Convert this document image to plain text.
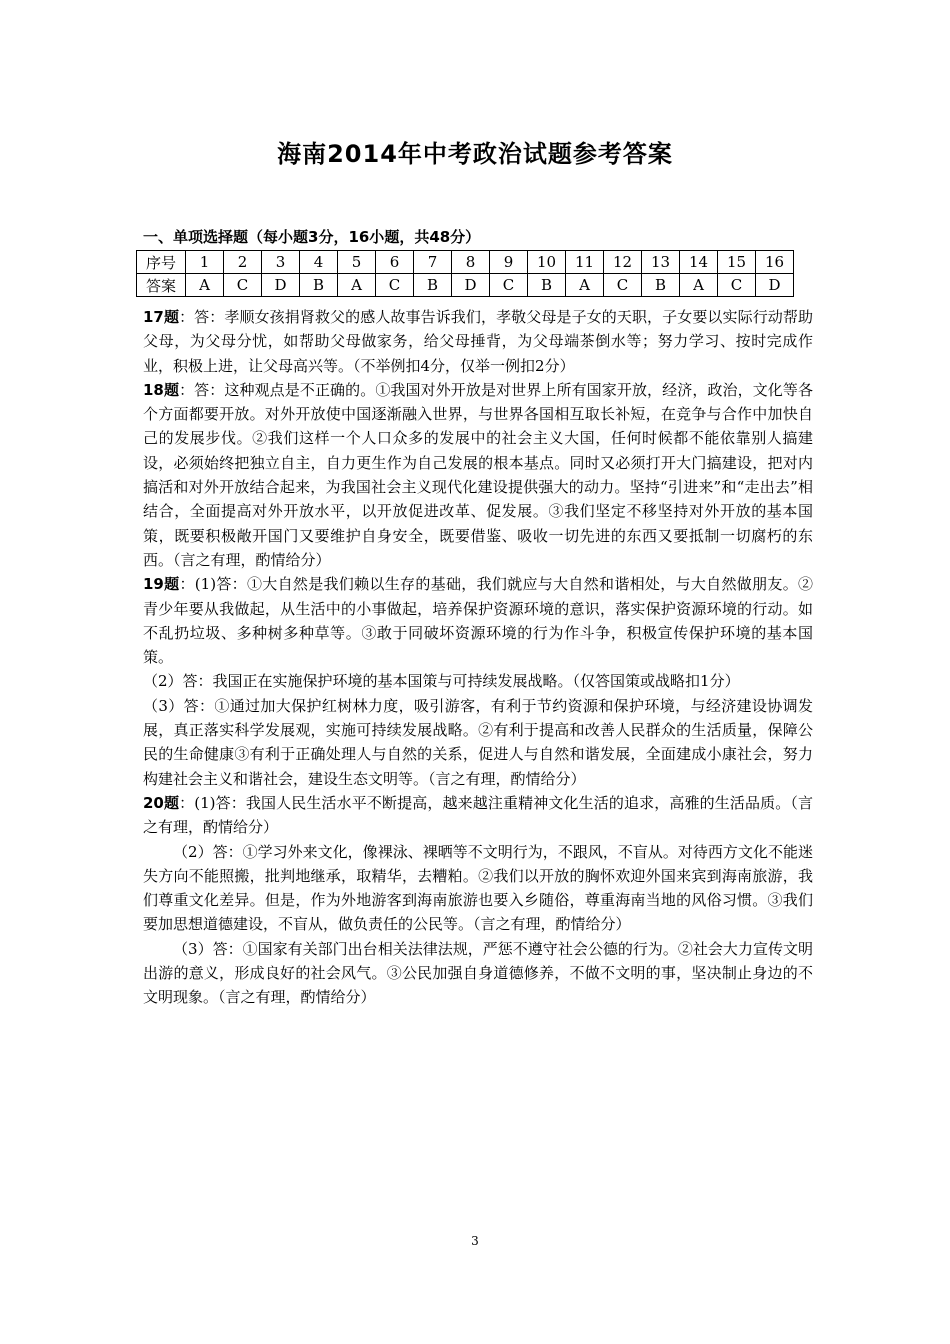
海南2014年中考政治试题参考答案
一、单项选择题（每小题3分，16小题，共48分）
序号	1	2	3	4	5	6	7	8	9	10	11	12	13	14	15	16
答案	A	C	D	B	A	C	B	D	C	B	A	C	B	A	C	D

17题：答：孝顺女孩捐肾救父的感人故事告诉我们，孝敬父母是子女的天职，子女要以实际行动帮助父母，为父母分忧，如帮助父母做家务，给父母捶背，为父母端茶倒水等；努力学习、按时完成作业，积极上进，让父母高兴等。（不举例扣4分，仅举一例扣2分）

18题：答：这种观点是不正确的。①我国对外开放是对世界上所有国家开放，经济，政治，文化等各个方面都要开放。对外开放使中国逐渐融入世界，与世界各国相互取长补短，在竞争与合作中加快自己的发展步伐。②我们这样一个人口众多的发展中的社会主义大国，任何时候都不能依靠别人搞建设，必须始终把独立自主，自力更生作为自己发展的根本基点。同时又必须打开大门搞建设，把对内搞活和对外开放结合起来，为我国社会主义现代化建设提供强大的动力。坚持“引进来”和“走出去”相结合，全面提高对外开放水平，以开放促进改革、促发展。③我们坚定不移坚持对外开放的基本国策，既要积极敞开国门又要维护自身安全，既要借鉴、吸收一切先进的东西又要抵制一切腐朽的东西。（言之有理，酌情给分）

19题：(1)答：①大自然是我们赖以生存的基础，我们就应与大自然和谐相处，与大自然做朋友。②青少年要从我做起，从生活中的小事做起，培养保护资源环境的意识，落实保护资源环境的行动。如不乱扔垃圾、多种树多种草等。③敢于同破坏资源环境的行为作斗争，积极宣传保护环境的基本国策。

（2）答：我国正在实施保护环境的基本国策与可持续发展战略。（仅答国策或战略扣1分）

（3）答：①通过加大保护红树林力度，吸引游客，有利于节约资源和保护环境，与经济建设协调发展，真正落实科学发展观，实施可持续发展战略。②有利于提高和改善人民群众的生活质量，保障公民的生命健康③有利于正确处理人与自然的关系，促进人与自然和谐发展，全面建成小康社会，努力构建社会主义和谐社会，建设生态文明等。（言之有理，酌情给分）

20题：(1)答：我国人民生活水平不断提高，越来越注重精神文化生活的追求，高雅的生活品质。（言之有理，酌情给分）

（2）答：①学习外来文化，像裸泳、裸晒等不文明行为，不跟风，不盲从。对待西方文化不能迷失方向不能照搬，批判地继承，取精华，去糟粕。②我们以开放的胸怀欢迎外国来宾到海南旅游，我们尊重文化差异。但是，作为外地游客到海南旅游也要入乡随俗，尊重海南当地的风俗习惯。③我们要加思想道德建设，不盲从，做负责任的公民等。（言之有理，酌情给分）

（3）答：①国家有关部门出台相关法律法规，严惩不遵守社会公德的行为。②社会大力宣传文明出游的意义，形成良好的社会风气。③公民加强自身道德修养，不做不文明的事，坚决制止身边的不文明现象。（言之有理，酌情给分）

3
